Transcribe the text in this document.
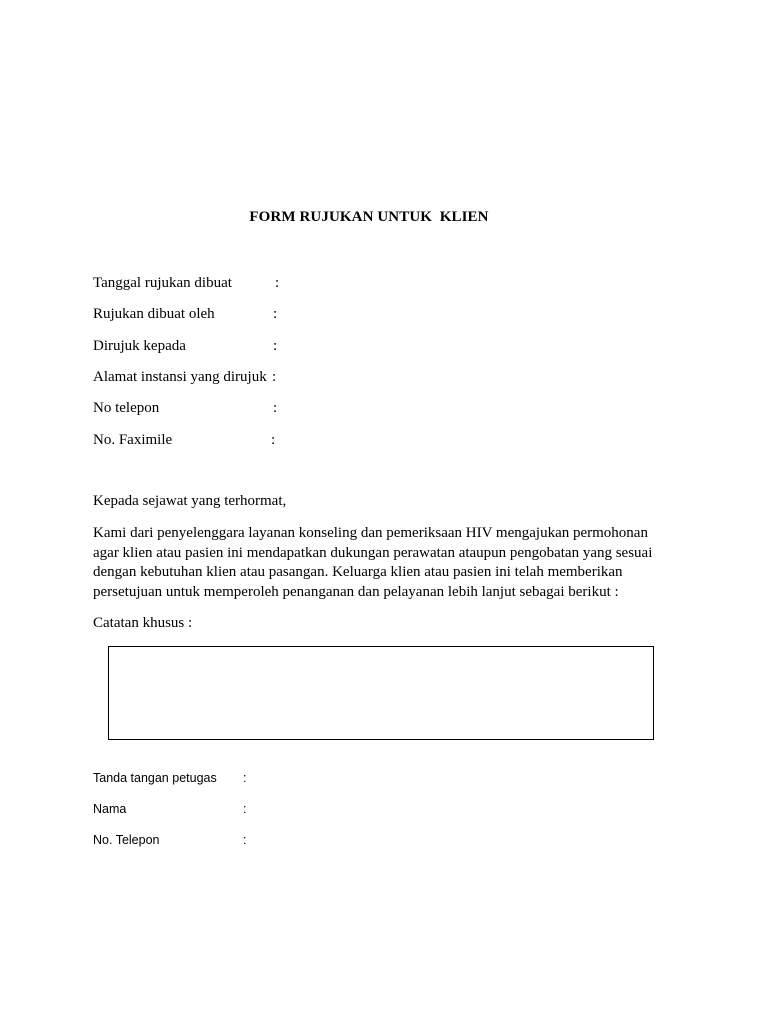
FORM RUJUKAN UNTUK  KLIEN
Tanggal rujukan dibuat	:
Rujukan dibuat oleh	:
Dirujuk kepada	:
Alamat instansi yang dirujuk :
No telepon	:
No. Faximile	:
Kepada sejawat yang terhormat,
Kami dari penyelenggara layanan konseling dan pemeriksaan HIV mengajukan permohonan
agar klien atau pasien ini mendapatkan dukungan perawatan ataupun pengobatan yang sesuai
dengan kebutuhan klien atau pasangan. Keluarga klien atau pasien ini telah memberikan
persetujuan untuk memperoleh penanganan dan pelayanan lebih lanjut sebagai berikut :
Catatan khusus :
Tanda tangan petugas :
Nama	:
No. Telepon	:
